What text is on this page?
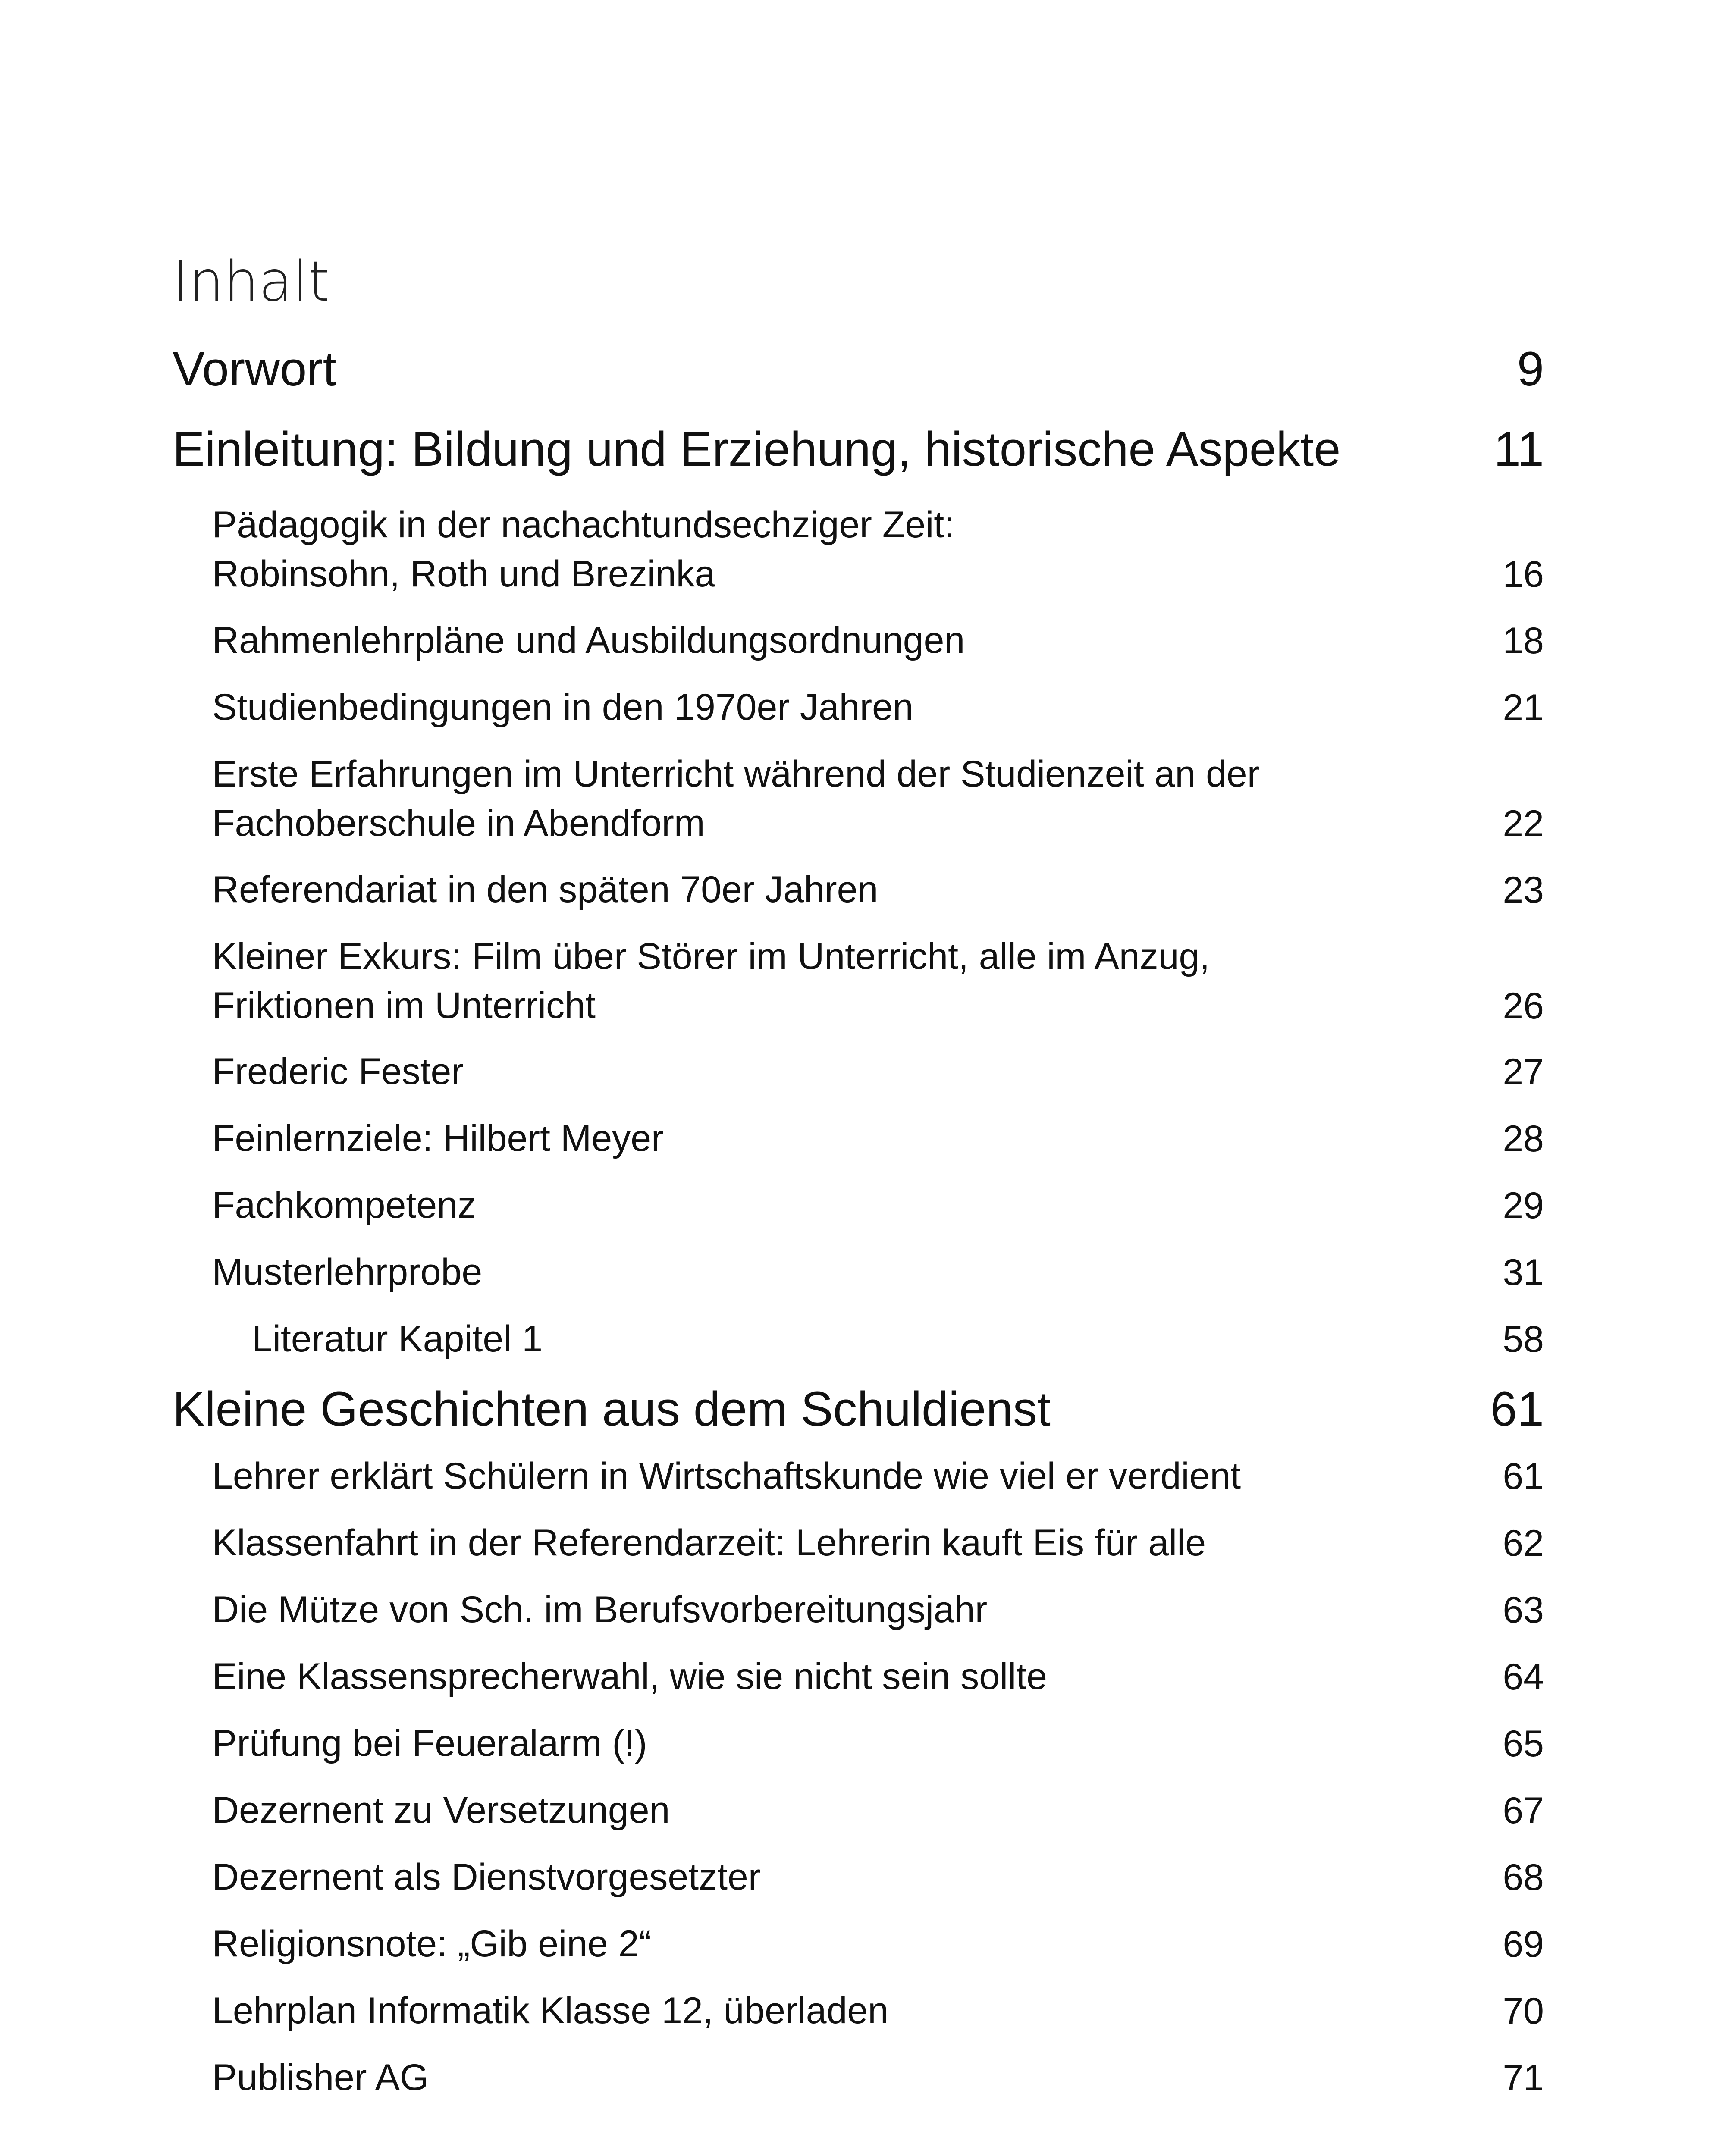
Inhalt
Vorwort	9
Einleitung: Bildung und Erziehung, historische Aspekte	11
Pädagogik in der nachachtundsechziger Zeit:
Robinsohn, Roth und Brezinka	16
Rahmenlehrpläne und Ausbildungsordnungen	18
Studienbedingungen in den 1970er Jahren	21
Erste Erfahrungen im Unterricht während der Studienzeit an der
Fachoberschule in Abendform	22
Referendariat in den späten 70er Jahren	23
Kleiner Exkurs: Film über Störer im Unterricht, alle im Anzug,
Friktionen im Unterricht	26
Frederic Fester	27
Feinlernziele: Hilbert Meyer	28
Fachkompetenz	29
Musterlehrprobe	31
Literatur Kapitel 1	58
Kleine Geschichten aus dem Schuldienst	61
Lehrer erklärt Schülern in Wirtschaftskunde wie viel er verdient	61
Klassenfahrt in der Referendarzeit: Lehrerin kauft Eis für alle	62
Die Mütze von Sch. im Berufsvorbereitungsjahr	63
Eine Klassensprecherwahl, wie sie nicht sein sollte	64
Prüfung bei Feueralarm (!)	65
Dezernent zu Versetzungen	67
Dezernent als Dienstvorgesetzter	68
Religionsnote: „Gib eine 2“	69
Lehrplan Informatik Klasse 12, überladen	70
Publisher AG	71
